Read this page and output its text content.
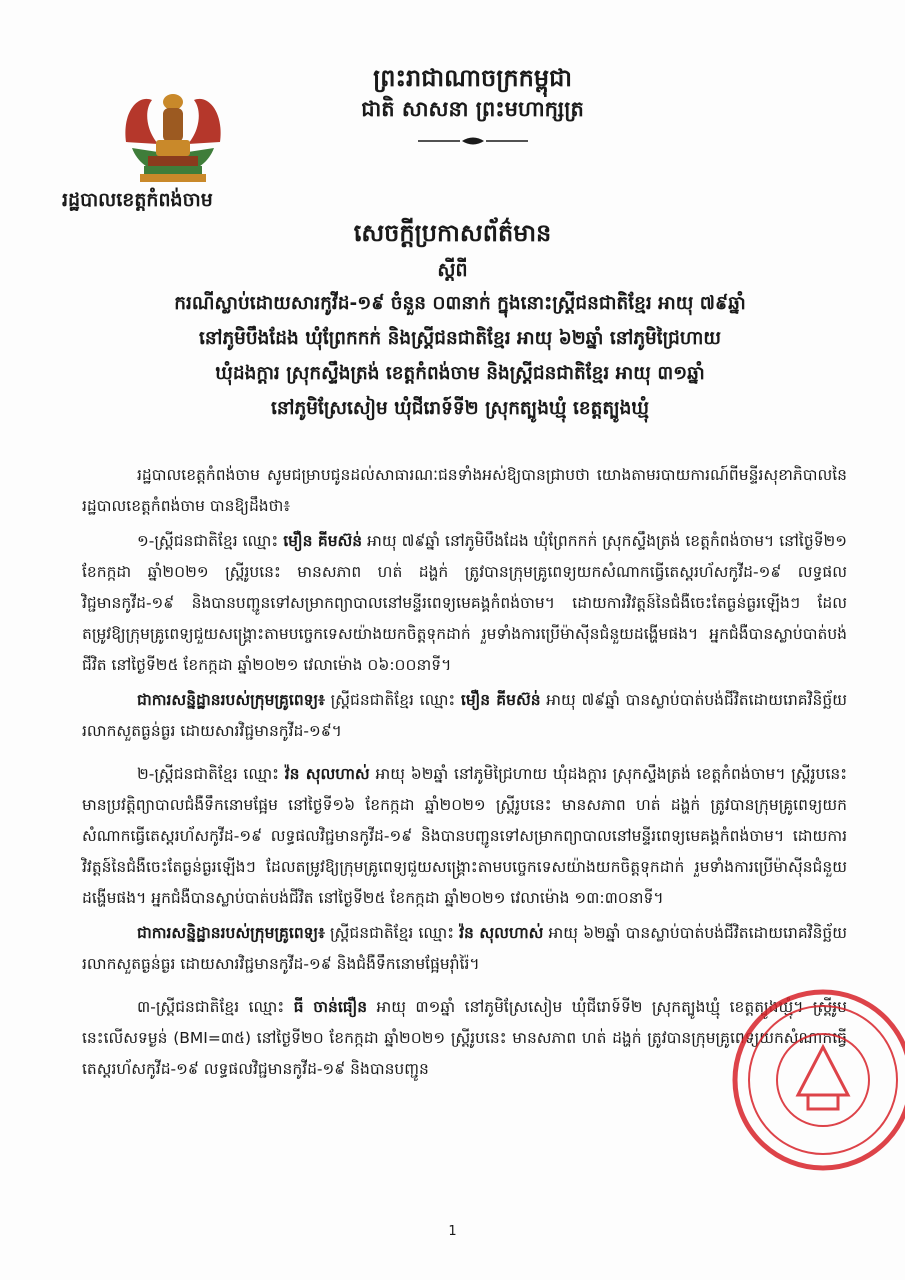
រដ្ឋបាលខេត្តកំពង់ចាម
ព្រះរាជាណាចក្រកម្ពុជា
ជាតិ សាសនា ព្រះមហាក្សត្រ
សេចក្តីប្រកាសព័ត៌មាន
ស្តីពី
ករណីស្លាប់ដោយសារកូវីដ-១៩ ចំនួន ០៣នាក់ ក្នុងនោះស្ត្រីជនជាតិខ្មែរ អាយុ ៧៩ឆ្នាំ
នៅភូមិបឹងដែង ឃុំព្រែកកក់ និងស្ត្រីជនជាតិខ្មែរ អាយុ ៦២ឆ្នាំ នៅភូមិជ្រៃហាយ
ឃុំដងក្ដារ ស្រុកស្ទឹងត្រង់ ខេត្តកំពង់ចាម និងស្ត្រីជនជាតិខ្មែរ អាយុ ៣១ឆ្នាំ
នៅភូមិស្រែសៀម ឃុំជីរោទ៍ទី២ ស្រុកត្បូងឃ្មុំ ខេត្តត្បូងឃ្មុំ

រដ្ឋបាលខេត្តកំពង់ចាម សូមជម្រាបជូនដល់សាធារណៈជនទាំងអស់ឱ្យបានជ្រាបថា យោងតាមរបាយការណ៍ពីមន្ទីរសុខាភិបាលនៃរដ្ឋបាលខេត្តកំពង់ចាម បានឱ្យដឹងថា៖

១-ស្ត្រីជនជាតិខ្មែរ ឈ្មោះ មឿន គីមស៊ន់ អាយុ ៧៩ឆ្នាំ នៅភូមិបឹងដែង ឃុំព្រែកកក់ ស្រុកស្ទឹងត្រង់ ខេត្តកំពង់ចាម។ នៅថ្ងៃទី២១ ខែកក្កដា ឆ្នាំ២០២១ ស្ត្រីរូបនេះ មានសភាព ហត់ ដង្ហក់ ត្រូវបានក្រុមគ្រូពេទ្យយកសំណាកធ្វើតេស្តរហ័សកូវីដ-១៩ លទ្ធផលវិជ្ជមានកូវីដ-១៩ និងបានបញ្ជូនទៅសម្រាកព្យាបាលនៅមន្ទីរពេទ្យមេគង្គកំពង់ចាម។ ដោយការវិវត្តន៍នៃជំងឺចេះតែធ្ងន់ធ្ងរឡើងៗ ដែលតម្រូវឱ្យក្រុមគ្រូពេទ្យជួយសង្គ្រោះតាមបច្ចេកទេសយ៉ាងយកចិត្តទុកដាក់ រួមទាំងការប្រើម៉ាស៊ីនជំនួយដង្ហើមផង។ អ្នកជំងឺបានស្លាប់បាត់បង់ជីវិត នៅថ្ងៃទី២៥ ខែកក្កដា ឆ្នាំ២០២១ វេលាម៉ោង ០៦:០០នាទី។

ជាការសន្និដ្ឋានរបស់ក្រុមគ្រូពេទ្យ៖ ស្ត្រីជនជាតិខ្មែរ ឈ្មោះ មឿន គីមស៊ន់ អាយុ ៧៩ឆ្នាំ បានស្លាប់បាត់បង់ជីវិតដោយរោគវិនិច្ឆ័យ រលាកសួតធ្ងន់ធ្ងរ ដោយសារវិជ្ជមានកូវីដ-១៩។

២-ស្ត្រីជនជាតិខ្មែរ ឈ្មោះ វ៉ន សុលហាស់ អាយុ ៦២ឆ្នាំ នៅភូមិជ្រៃហាយ ឃុំដងក្ដារ ស្រុកស្ទឹងត្រង់ ខេត្តកំពង់ចាម។ ស្ត្រីរូបនេះ មានប្រវត្តិព្យាបាលជំងឺទឹកនោមផ្អែម នៅថ្ងៃទី១៦ ខែកក្កដា ឆ្នាំ២០២១ ស្ត្រីរូបនេះ មានសភាព ហត់ ដង្ហក់ ត្រូវបានក្រុមគ្រូពេទ្យយកសំណាកធ្វើតេស្តរហ័សកូវីដ-១៩ លទ្ធផលវិជ្ជមានកូវីដ-១៩ និងបានបញ្ជូនទៅសម្រាកព្យាបាលនៅមន្ទីរពេទ្យមេគង្គកំពង់ចាម។ ដោយការវិវត្តន៍នៃជំងឺចេះតែធ្ងន់ធ្ងរឡើងៗ ដែលតម្រូវឱ្យក្រុមគ្រូពេទ្យជួយសង្គ្រោះតាមបច្ចេកទេសយ៉ាងយកចិត្តទុកដាក់ រួមទាំងការប្រើម៉ាស៊ីនជំនួយដង្ហើមផង។ អ្នកជំងឺបានស្លាប់បាត់បង់ជីវិត នៅថ្ងៃទី២៥ ខែកក្កដា ឆ្នាំ២០២១ វេលាម៉ោង ១៣:៣០នាទី។

ជាការសន្និដ្ឋានរបស់ក្រុមគ្រូពេទ្យ៖ ស្ត្រីជនជាតិខ្មែរ ឈ្មោះ វ៉ន សុលហាស់ អាយុ ៦២ឆ្នាំ បានស្លាប់បាត់បង់ជីវិតដោយរោគវិនិច្ឆ័យ រលាកសួតធ្ងន់ធ្ងរ ដោយសារវិជ្ជមានកូវីដ-១៩ និងជំងឺទឹកនោមផ្អែមរ៉ាំរ៉ៃ។

៣-ស្ត្រីជនជាតិខ្មែរ ឈ្មោះ ធី ចាន់ធឿន អាយុ ៣១ឆ្នាំ នៅភូមិស្រែសៀម ឃុំជីរោទ៍ទី២ ស្រុកត្បូងឃ្មុំ ខេត្តត្បូងឃ្មុំ។ ស្ត្រីរូបនេះលើសទម្ងន់ (BMI=៣៥) នៅថ្ងៃទី២០ ខែកក្កដា ឆ្នាំ២០២១ ស្ត្រីរូបនេះ មានសភាព ហត់ ដង្ហក់ ត្រូវបានក្រុមគ្រូពេទ្យយកសំណាកធ្វើតេស្តរហ័សកូវីដ-១៩ លទ្ធផលវិជ្ជមានកូវីដ-១៩ និងបានបញ្ជូន

1
